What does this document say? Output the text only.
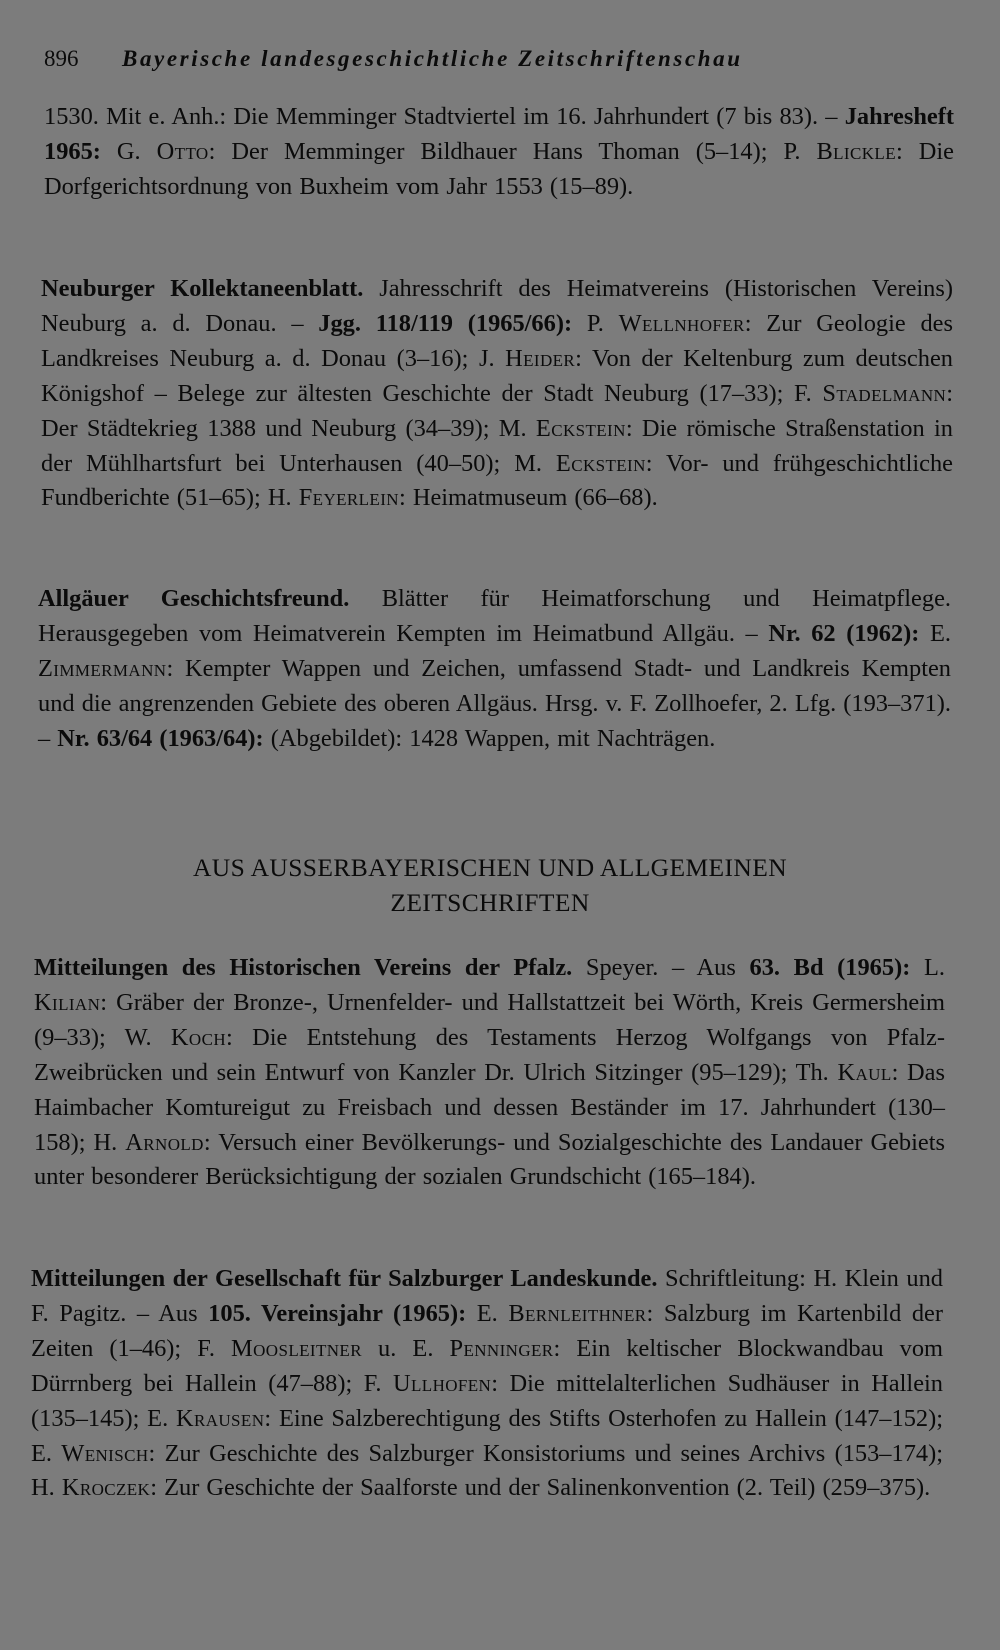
896 Bayerische landesgeschichtliche Zeitschriftenschau

1530. Mit e. Anh.: Die Memminger Stadtviertel im 16. Jahrhundert (7 bis 83). – Jahresheft 1965: G. Otto: Der Memminger Bildhauer Hans Thoman (5–14); P. Blickle: Die Dorfgerichtsordnung von Buxheim vom Jahr 1553 (15–89).

Neuburger Kollektaneenblatt. Jahresschrift des Heimatvereins (Historischen Vereins) Neuburg a. d. Donau. – Jgg. 118/119 (1965/66): P. Wellnhofer: Zur Geologie des Landkreises Neuburg a. d. Donau (3–16); J. Heider: Von der Keltenburg zum deutschen Königshof – Belege zur ältesten Geschichte der Stadt Neuburg (17–33); F. Stadelmann: Der Städtekrieg 1388 und Neuburg (34–39); M. Eckstein: Die römische Straßenstation in der Mühlhartsfurt bei Unterhausen (40–50); M. Eckstein: Vor- und frühgeschichtliche Fundberichte (51–65); H. Feyerlein: Heimatmuseum (66–68).

Allgäuer Geschichtsfreund. Blätter für Heimatforschung und Heimatpflege. Herausgegeben vom Heimatverein Kempten im Heimatbund Allgäu. – Nr. 62 (1962): E. Zimmermann: Kempter Wappen und Zeichen, umfassend Stadt- und Landkreis Kempten und die angrenzenden Gebiete des oberen Allgäus. Hrsg. v. F. Zollhoefer, 2. Lfg. (193–371). – Nr. 63/64 (1963/64): (Abgebildet): 1428 Wappen, mit Nachträgen.

AUS AUSSERBAYERISCHEN UND ALLGEMEINEN
ZEITSCHRIFTEN

Mitteilungen des Historischen Vereins der Pfalz. Speyer. – Aus 63. Bd (1965): L. Kilian: Gräber der Bronze-, Urnenfelder- und Hallstattzeit bei Wörth, Kreis Germersheim (9–33); W. Koch: Die Entstehung des Testaments Herzog Wolfgangs von Pfalz-Zweibrücken und sein Entwurf von Kanzler Dr. Ulrich Sitzinger (95–129); Th. Kaul: Das Haimbacher Komtureigut zu Freisbach und dessen Beständer im 17. Jahrhundert (130–158); H. Arnold: Versuch einer Bevölkerungs- und Sozialgeschichte des Landauer Gebiets unter besonderer Berücksichtigung der sozialen Grundschicht (165–184).

Mitteilungen der Gesellschaft für Salzburger Landeskunde. Schriftleitung: H. Klein und F. Pagitz. – Aus 105. Vereinsjahr (1965): E. Bernleithner: Salzburg im Kartenbild der Zeiten (1–46); F. Moosleitner u. E. Penninger: Ein keltischer Blockwandbau vom Dürrnberg bei Hallein (47–88); F. Ullhofen: Die mittelalterlichen Sudhäuser in Hallein (135–145); E. Krausen: Eine Salzberechtigung des Stifts Osterhofen zu Hallein (147–152); E. Wenisch: Zur Geschichte des Salzburger Konsistoriums und seines Archivs (153–174); H. Kroczek: Zur Geschichte der Saalforste und der Salinenkonvention (2. Teil) (259–375).
